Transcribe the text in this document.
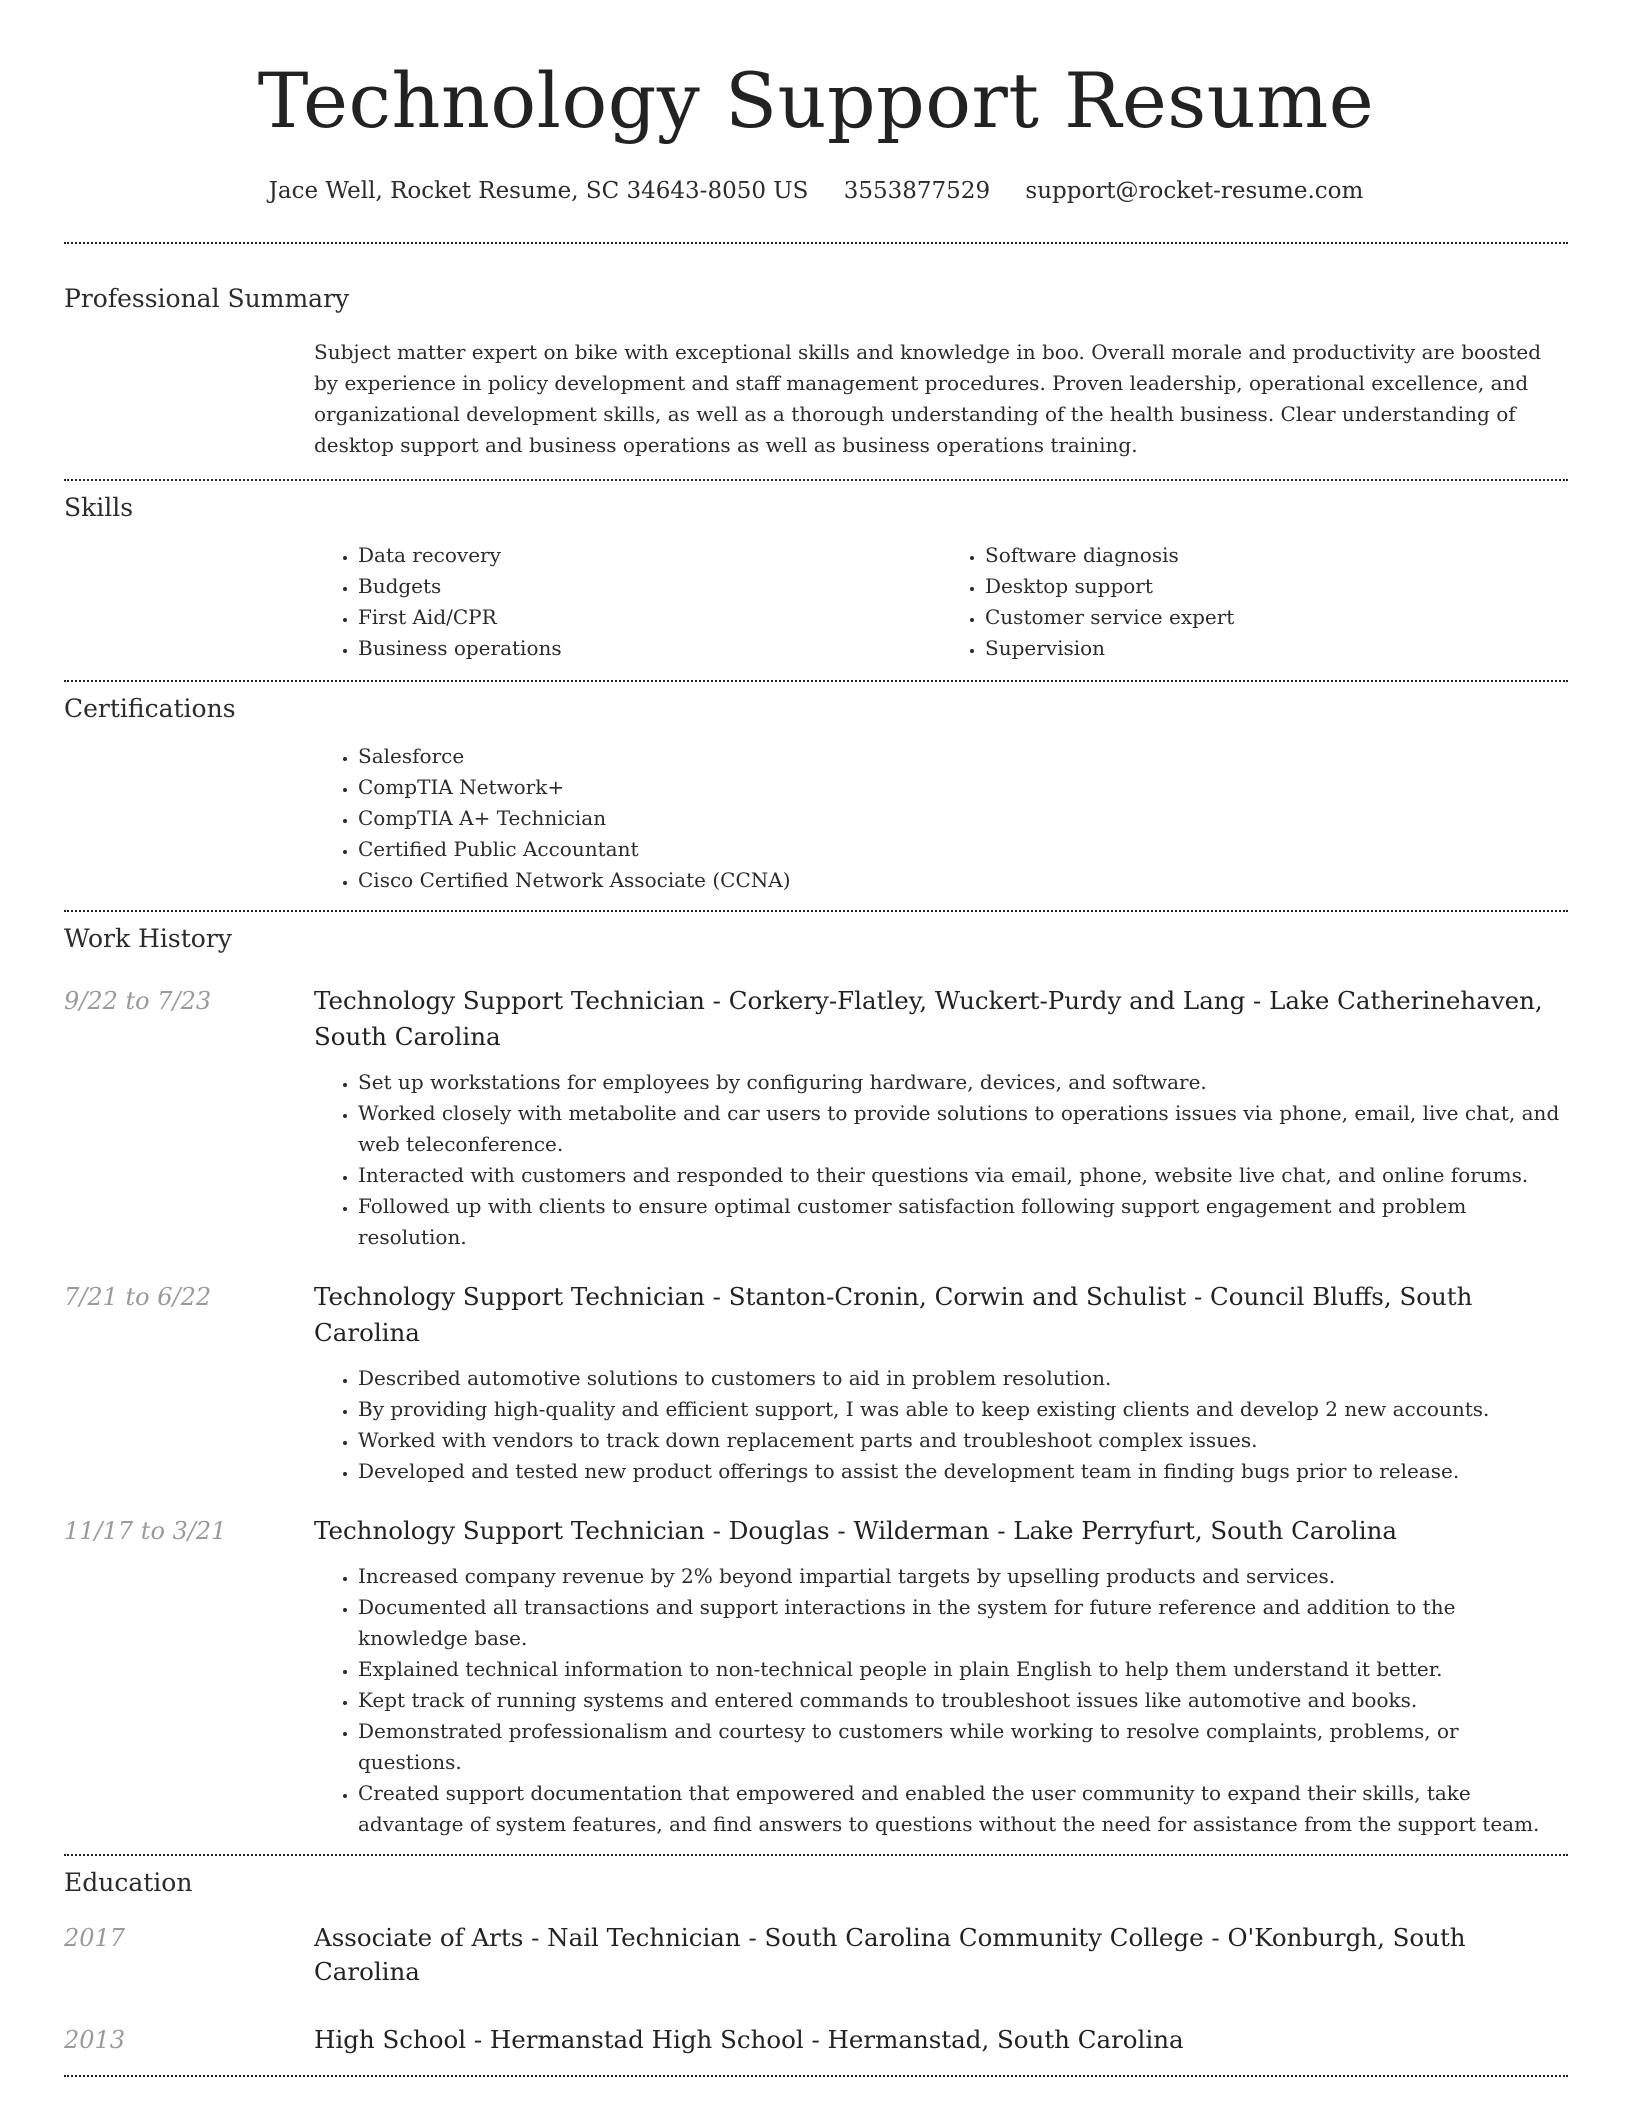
Technology Support Resume
Jace Well, Rocket Resume, SC 34643-8050 US 3553877529 support@rocket-resume.com
Professional Summary
Subject matter expert on bike with exceptional skills and knowledge in boo. Overall morale and productivity are boosted by experience in policy development and staff management procedures. Proven leadership, operational excellence, and organizational development skills, as well as a thorough understanding of the health business. Clear understanding of desktop support and business operations as well as business operations training.
Skills
• Data recovery
• Budgets
• First Aid/CPR
• Business operations
• Software diagnosis
• Desktop support
• Customer service expert
• Supervision
Certifications
• Salesforce
• CompTIA Network+
• CompTIA A+ Technician
• Certified Public Accountant
• Cisco Certified Network Associate (CCNA)
Work History
9/22 to 7/23	Technology Support Technician - Corkery-Flatley, Wuckert-Purdy and Lang - Lake Catherinehaven, South Carolina
• Set up workstations for employees by configuring hardware, devices, and software.
• Worked closely with metabolite and car users to provide solutions to operations issues via phone, email, live chat, and web teleconference.
• Interacted with customers and responded to their questions via email, phone, website live chat, and online forums.
• Followed up with clients to ensure optimal customer satisfaction following support engagement and problem resolution.
7/21 to 6/22	Technology Support Technician - Stanton-Cronin, Corwin and Schulist - Council Bluffs, South Carolina
• Described automotive solutions to customers to aid in problem resolution.
• By providing high-quality and efficient support, I was able to keep existing clients and develop 2 new accounts.
• Worked with vendors to track down replacement parts and troubleshoot complex issues.
• Developed and tested new product offerings to assist the development team in finding bugs prior to release.
11/17 to 3/21	Technology Support Technician - Douglas - Wilderman - Lake Perryfurt, South Carolina
• Increased company revenue by 2% beyond impartial targets by upselling products and services.
• Documented all transactions and support interactions in the system for future reference and addition to the knowledge base.
• Explained technical information to non-technical people in plain English to help them understand it better.
• Kept track of running systems and entered commands to troubleshoot issues like automotive and books.
• Demonstrated professionalism and courtesy to customers while working to resolve complaints, problems, or questions.
• Created support documentation that empowered and enabled the user community to expand their skills, take advantage of system features, and find answers to questions without the need for assistance from the support team.
Education
2017	Associate of Arts - Nail Technician - South Carolina Community College - O'Konburgh, South Carolina
2013	High School - Hermanstad High School - Hermanstad, South Carolina
